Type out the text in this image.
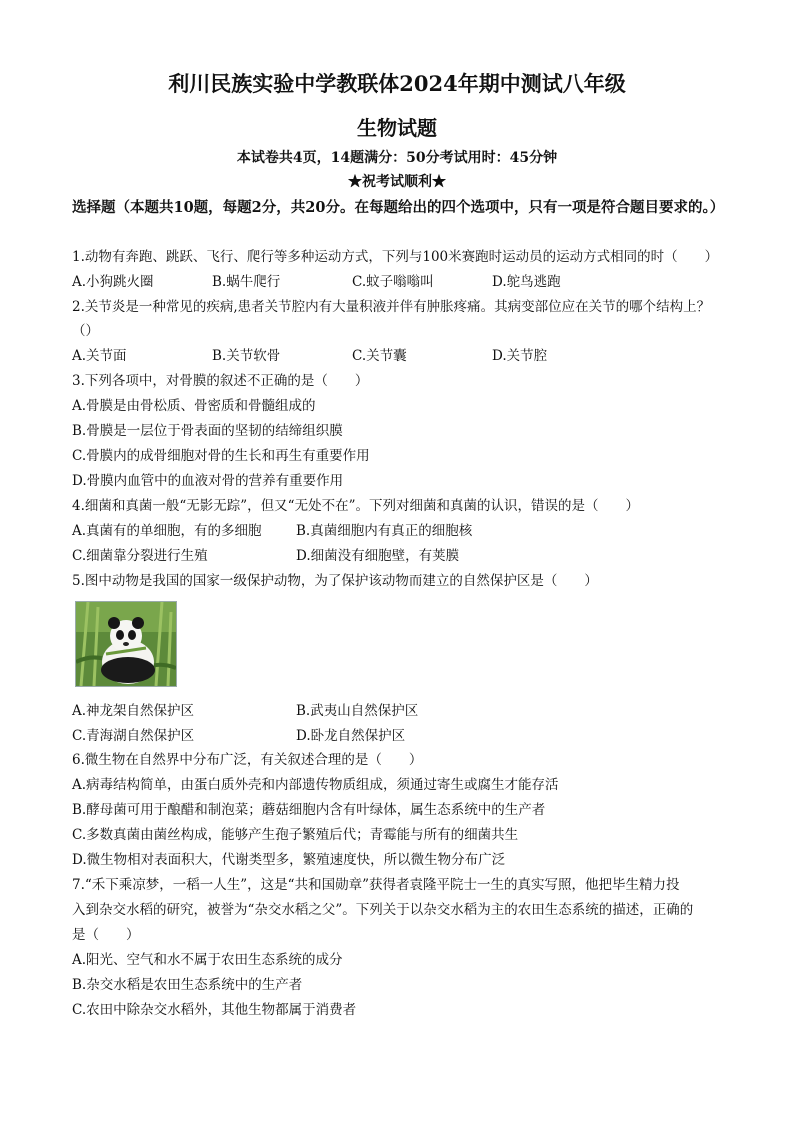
利川民族实验中学教联体2024年期中测试八年级
生物试题
本试卷共4页，14题满分：50分考试用时：45分钟
★祝考试顺利★
选择题（本题共10题，每题2分，共20分。在每题给出的四个选项中，只有一项是符合题目要求的。）
1.动物有奔跑、跳跃、飞行、爬行等多种运动方式，下列与100米赛跑时运动员的运动方式相同的时（　　）
A.小狗跳火圈	B.蜗牛爬行	C.蚊子嗡嗡叫	D.鸵鸟逃跑
2.关节炎是一种常见的疾病,患者关节腔内有大量积液并伴有肿胀疼痛。其病变部位应在关节的哪个结构上？
（）
A.关节面	B.关节软骨	C.关节囊	D.关节腔
3.下列各项中，对骨膜的叙述不正确的是（　　）
A.骨膜是由骨松质、骨密质和骨髓组成的
B.骨膜是一层位于骨表面的坚韧的结缔组织膜
C.骨膜内的成骨细胞对骨的生长和再生有重要作用
D.骨膜内血管中的血液对骨的营养有重要作用
4.细菌和真菌一般“无影无踪”，但又“无处不在”。下列对细菌和真菌的认识，错误的是（　　）
A.真菌有的单细胞，有的多细胞	B.真菌细胞内有真正的细胞核
C.细菌靠分裂进行生殖	D.细菌没有细胞壁，有荚膜
5.图中动物是我国的国家一级保护动物，为了保护该动物而建立的自然保护区是（　　）
A.神龙架自然保护区	B.武夷山自然保护区
C.青海湖自然保护区	D.卧龙自然保护区
6.微生物在自然界中分布广泛，有关叙述合理的是（　　）
A.病毒结构简单，由蛋白质外壳和内部遗传物质组成，须通过寄生或腐生才能存活
B.酵母菌可用于酿醋和制泡菜；蘑菇细胞内含有叶绿体，属生态系统中的生产者
C.多数真菌由菌丝构成，能够产生孢子繁殖后代；青霉能与所有的细菌共生
D.微生物相对表面积大，代谢类型多，繁殖速度快，所以微生物分布广泛
7.“禾下乘凉梦，一稻一人生”，这是“共和国勋章”获得者袁隆平院士一生的真实写照，他把毕生精力投
入到杂交水稻的研究，被誉为“杂交水稻之父”。下列关于以杂交水稻为主的农田生态系统的描述，正确的
是（　　）
A.阳光、空气和水不属于农田生态系统的成分
B.杂交水稻是农田生态系统中的生产者
C.农田中除杂交水稻外，其他生物都属于消费者
